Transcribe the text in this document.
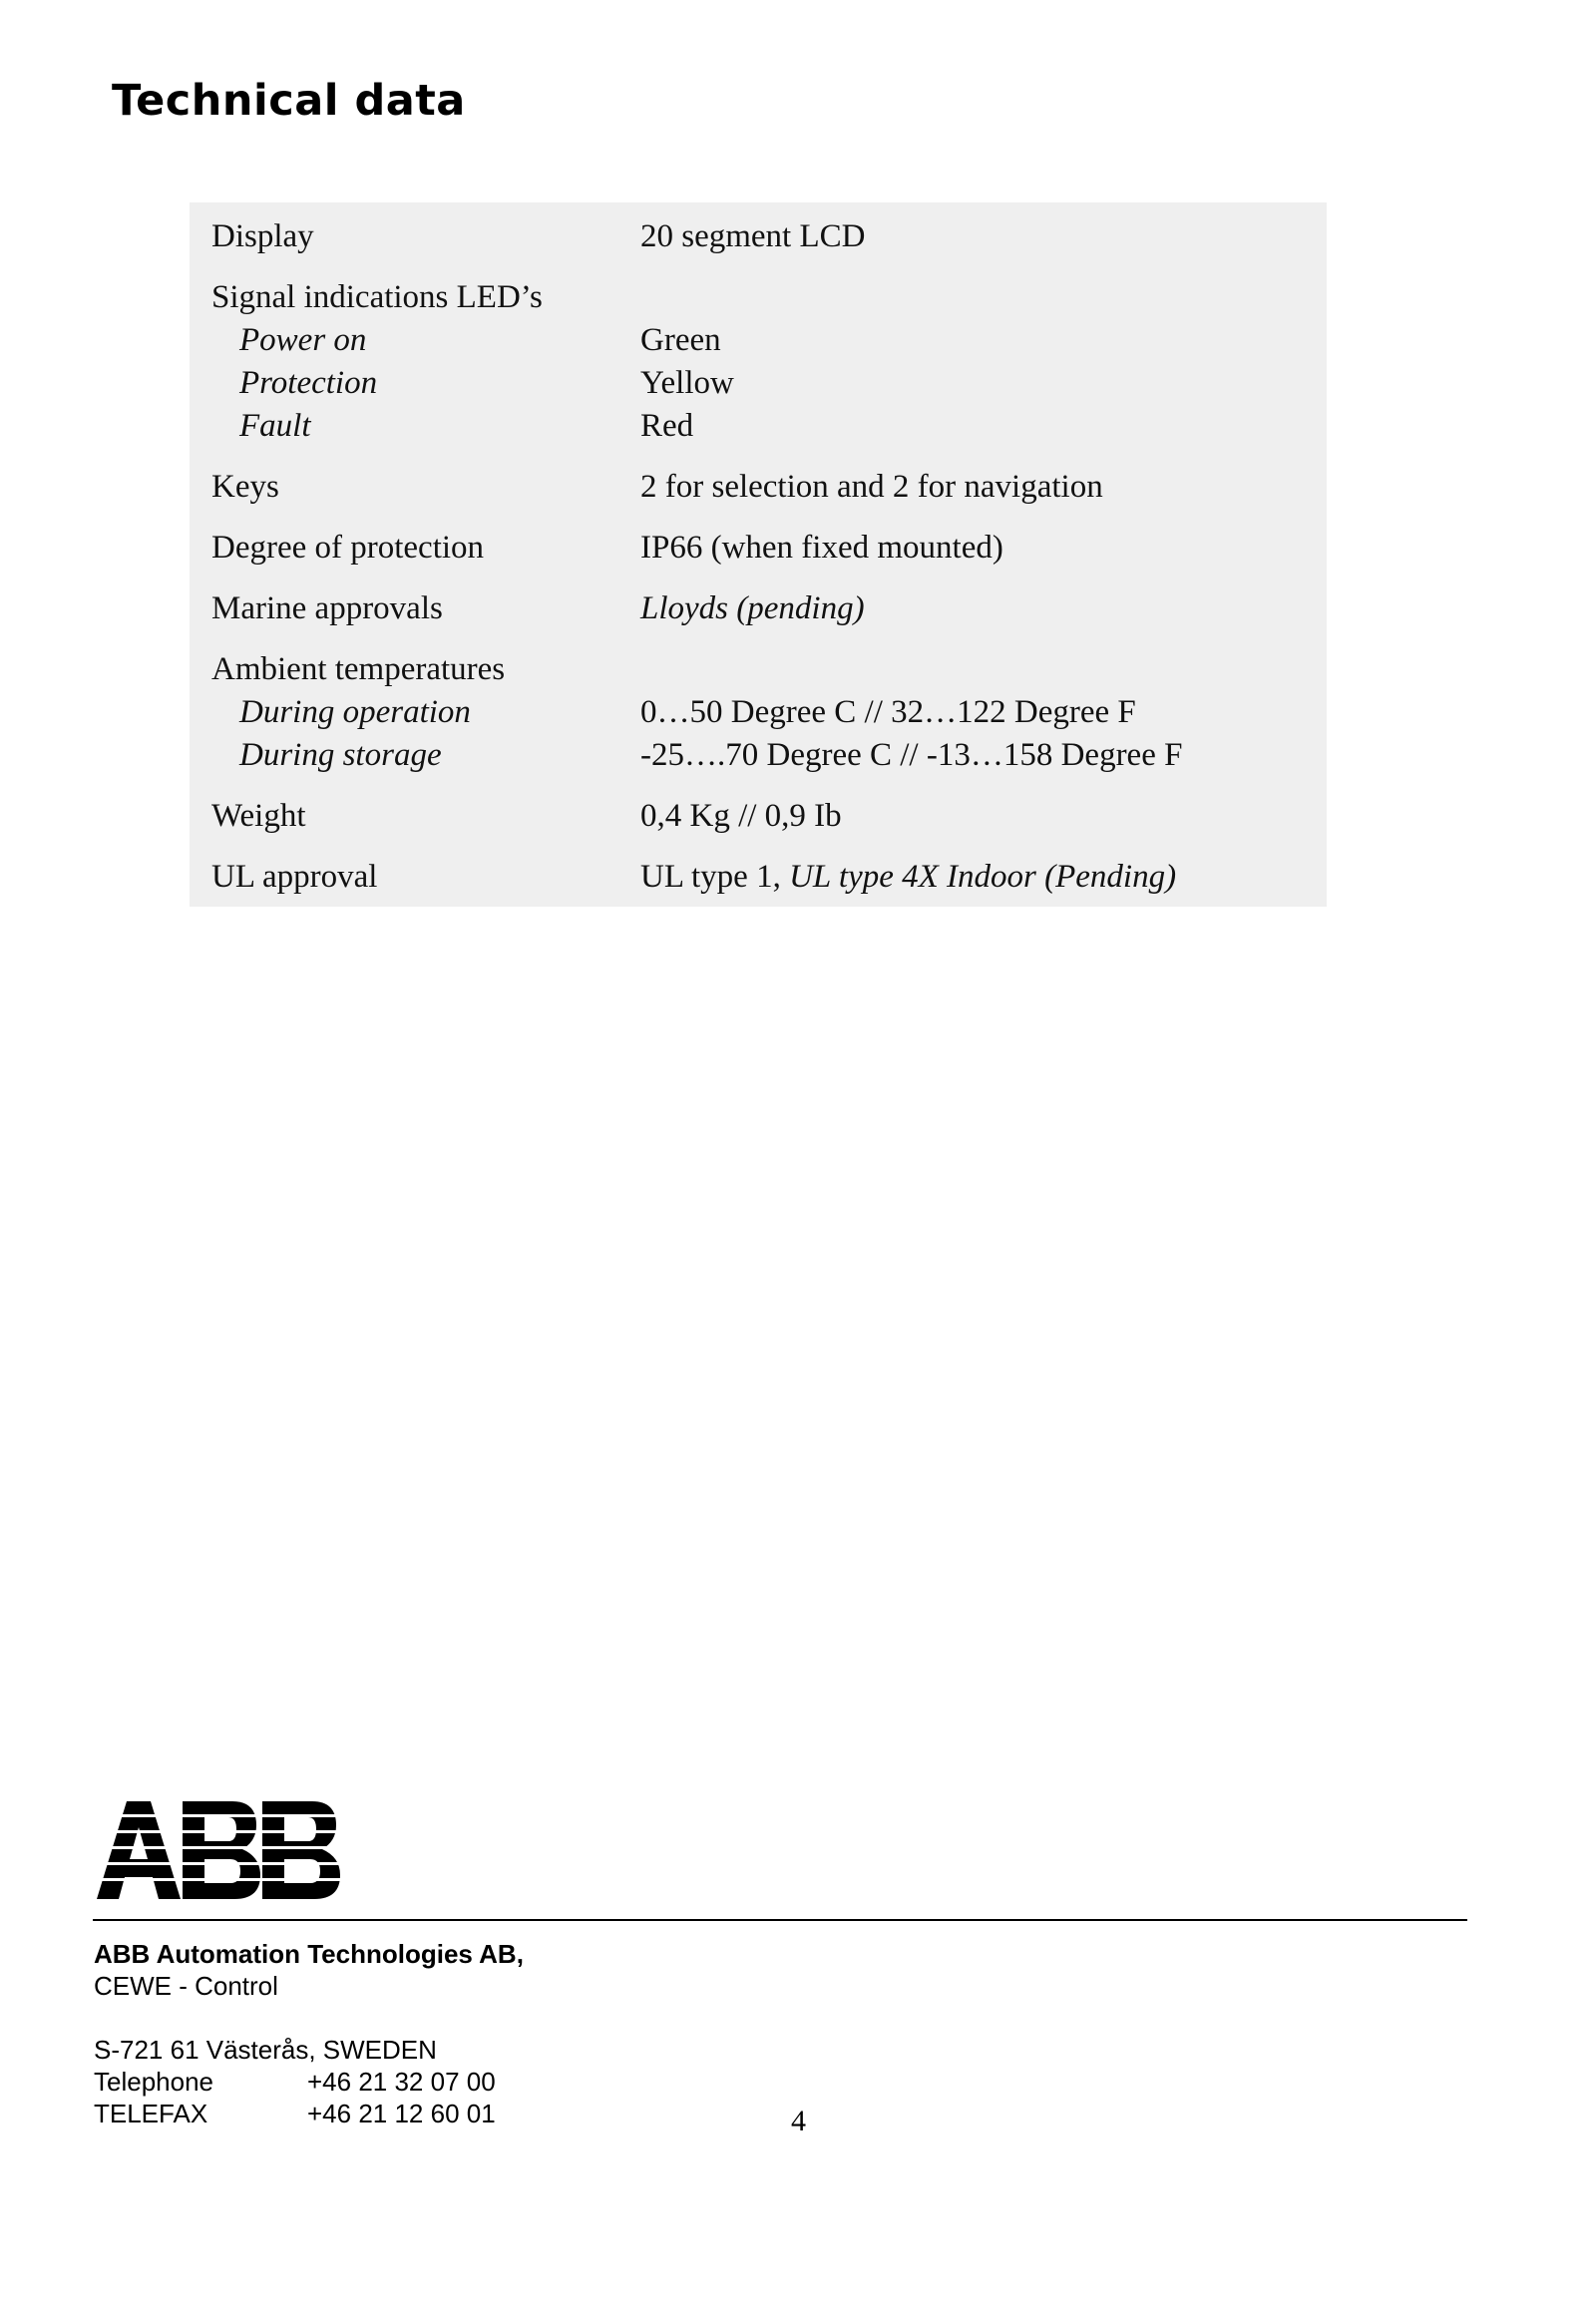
Technical data
Display	20 segment LCD
Signal indications LED’s
Power on	Green
Protection	Yellow
Fault	Red
Keys	2 for selection and 2 for navigation
Degree of protection	IP66 (when fixed mounted)
Marine approvals	Lloyds (pending)
Ambient temperatures
During operation	0…50 Degree C // 32…122 Degree F
During storage	-25….70 Degree C // -13…158 Degree F
Weight	0,4 Kg // 0,9 Ib
UL approval	UL type 1, UL type 4X Indoor (Pending)
ABB Automation Technologies AB,
CEWE - Control
S-721 61 Västerås, SWEDEN
Telephone	+46 21 32 07 00
TELEFAX	+46 21 12 60 01	4
